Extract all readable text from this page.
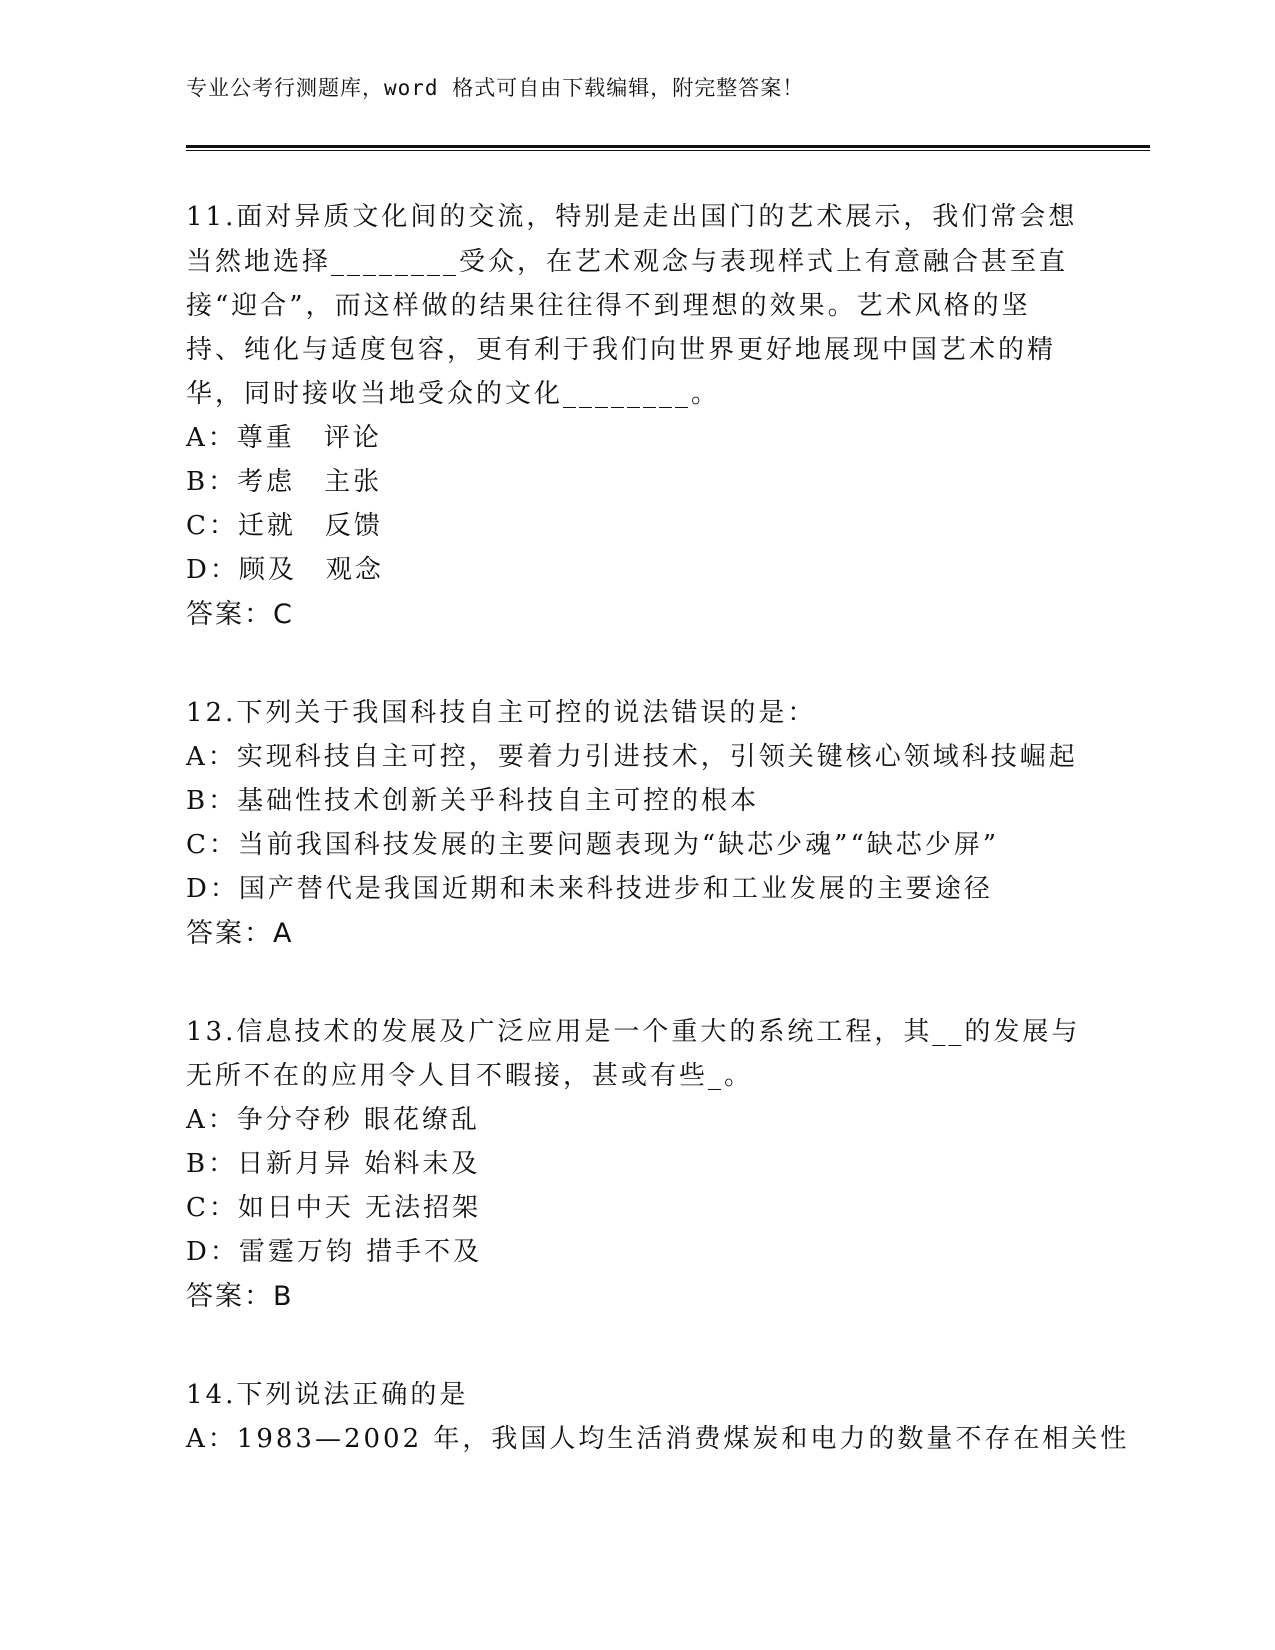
专业公考行测题库，word 格式可自由下载编辑，附完整答案！
11.面对异质文化间的交流，特别是走出国门的艺术展示，我们常会想
当然地选择________受众，在艺术观念与表现样式上有意融合甚至直
接“迎合”，而这样做的结果往往得不到理想的效果。艺术风格的坚
持、纯化与适度包容，更有利于我们向世界更好地展现中国艺术的精
华，同时接收当地受众的文化________。
A：尊重　评论
B：考虑　主张
C：迁就　反馈
D：顾及　观念
答案：C
12.下列关于我国科技自主可控的说法错误的是：
A：实现科技自主可控，要着力引进技术，引领关键核心领域科技崛起
B：基础性技术创新关乎科技自主可控的根本
C：当前我国科技发展的主要问题表现为“缺芯少魂”“缺芯少屏”
D：国产替代是我国近期和未来科技进步和工业发展的主要途径
答案：A
13.信息技术的发展及广泛应用是一个重大的系统工程，其__的发展与
无所不在的应用令人目不暇接，甚或有些_。
A：争分夺秒 眼花缭乱
B：日新月异 始料未及
C：如日中天 无法招架
D：雷霆万钧 措手不及
答案：B
14.下列说法正确的是
A：1983—2002 年，我国人均生活消费煤炭和电力的数量不存在相关性
